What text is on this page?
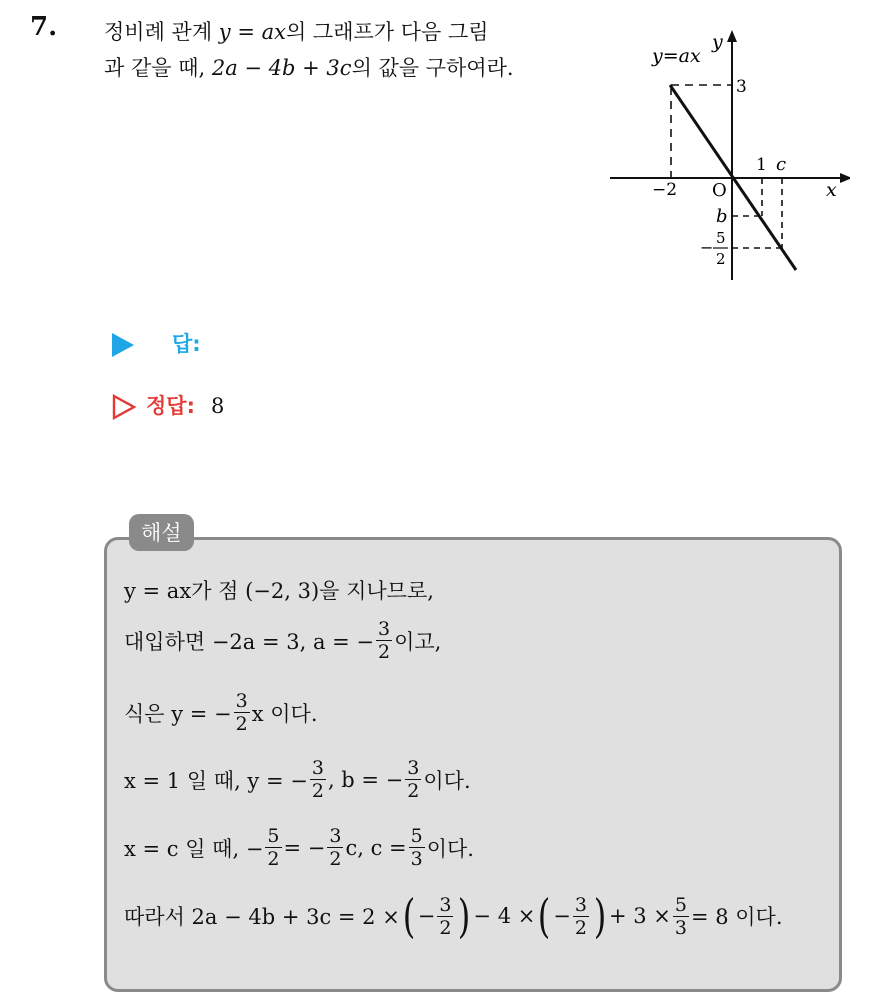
7. 정비례 관계 y = ax의 그래프가 다음 그림
과 같을 때, 2a − 4b + 3c의 값을 구하여라.	y=ax
y
x
O
−2
3
1 c
b
− 5
2
답:
정답: 8
해설
y = ax가 점 (−2, 3)을 지나므로,
대입하면 −2a = 3, a = − $\frac{3}{2}$ 이고,
식은 y = − $\frac{3}{2}$ x 이다.
x = 1 일 때, y = − $\frac{3}{2}$ , b = − $\frac{3}{2}$ 이다.
x = c 일 때, − $\frac{5}{2}$ = − $\frac{3}{2} c$, $c = \frac{5}{3}$ 이다.
따라서 2a − 4b + 3c = 2 × ( − $\frac{3}{2}$ ) − 4 × ( − $\frac{3}{2}$ ) + $3 \times \frac{5}{3} = 8$ 이다.
